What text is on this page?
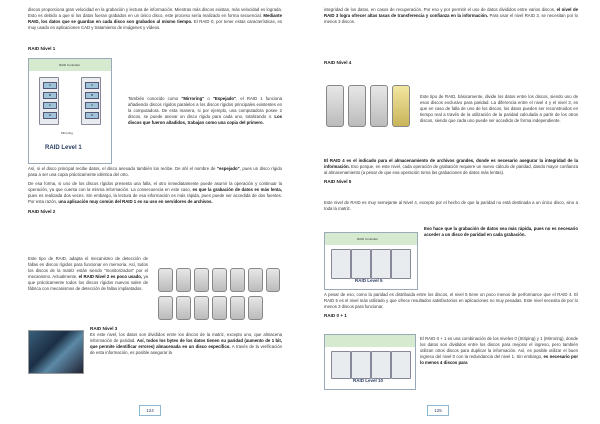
discos proporciona gran velocidad en la grabación y lectura de información. Mientras más discos existan, más velocidad es lograda. Esto es debido a que si los datos fueran grabados en un único disco, este proceso sería realizado en forma secuencial. Mediante RAID, los datos que se guardan en cada disco son grabados al mismo tiempo. El RAID 0, por tener estas características, es muy usado en aplicaciones CAD y tratamiento de imágenes y vídeos.

RAID Nivel 1

RAID Controller
A
B
C
D
A
B
C
D
Mirroring
RAID Level 1

También conocido como "Mirroring" o "Espejado", el RAID 1 funciona añadiendo discos rígidos paralelos a los discos rígidos principales existentes en la computadora. De esta manera, si por ejemplo, una computadora posee 2 discos, se puede anexar un disco rígido para cada uno, totalizando 4. Los discos que fueron añadidos, trabajan como una copia del primero.

Así, si el disco principal recibe datos, el disco anexado también los recibe. De ahí el nombre de "espejado", pues un disco rígido pasa a ser una copia prácticamente idéntica del otro.

De esa forma, si uno de los discos rígidos presenta una falla, el otro inmediatamente puede asumir la operación y continuar la operación, ya que cuenta con la misma información. La consecuencia en este caso, es que la grabación de datos es más lenta, pues es realizada dos veces. Sin embargo, la lectura de esa información es más rápida, pues puede ser accedida de dos fuentes. Por esta razón, una aplicación muy común del RAID 1 es su uso en servidores de archivos.

RAID Nivel 2

Este tipo de RAID, adapta el mecanismo de detección de fallas en discos rígidos para funcionar en memoria. Así, todos los discos de la matriz están siendo "monitorizados" por el mecanismo. Actualmente, el RAID Nivel 2 es poco usado, ya que prácticamente todos los discos rígidos nuevos salen de fábrica con mecanismos de detección de fallas implantados.

RAID Nivel 3

En este nivel, los datos son divididos entre los discos de la matriz, excepto uno, que almacena información de paridad. Así, todos los bytes de los datos tienen su paridad (aumento de 1 bit, que permite identificar errores) almacenada en un disco específico. A través de la verificación de esta información, es posible asegurar la

124

integridad de los datos, en casos de recuperación. Por eso y por permitir el uso de datos divididos entre varios discos, el nivel de RAID 3 logra ofrecer altas tasas de transferencia y confianza en la información. Para usar el nivel RAID 3, se necesitan por lo menos 3 discos.

RAID Nivel 4

Este tipo de RAID, básicamente, divide los datos entre los discos, siendo uno de esos discos exclusivo para paridad. La diferencia entre el nivel 4 y el nivel 3, es que en caso de falla de uno de los discos, los datos pueden ser reconstruidos en tiempo real a través de la utilización de la paridad calculada a partir de los otros discos, siendo que cada uno puede ser accedido de forma independiente.

El RAID 4 es el indicado para el almacenamiento de archivos grandes, donde es necesario asegurar la integridad de la información. Eso porque, en este nivel, cada operación de grabación requiere un nuevo cálculo de paridad, dando mayor confianza al almacenamiento (a pesar de que esa operación torna las grabaciones de datos más lentas).

RAID Nivel 5

Este nivel de RAID es muy semejante al Nivel 4, excepto por el hecho de que la paridad no está destinada a un único disco, sino a toda la matriz.

RAID Controller
RAID Level 5

Eso hace que la grabación de datos sea más rápida, pues no es necesario acceder a un disco de paridad en cada grabación.

A pesar de eso, como la paridad es distribuida entre los discos, el nivel 5 tiene un poco menos de performance que el RAID 4. El RAID 5 es el nivel más utilizado y que ofrece resultados satisfactorios en aplicaciones no muy pesadas. Este nivel necesita de por lo menos 3 discos para funcionar.

RAID 0 + 1

RAID Level 10

El RAID 0 + 1 es una combinación de los niveles 0 (Striping) y 1 (Mirroring), donde los datos son divididos entre los discos para mejorar el ingreso, pero también utilizan otros discos para duplicar la información. Así, es posible utilizar el buen ingreso del nivel 0 con la redundancia del nivel 1. Sin embargo, es necesario por lo menos 4 discos para

125
